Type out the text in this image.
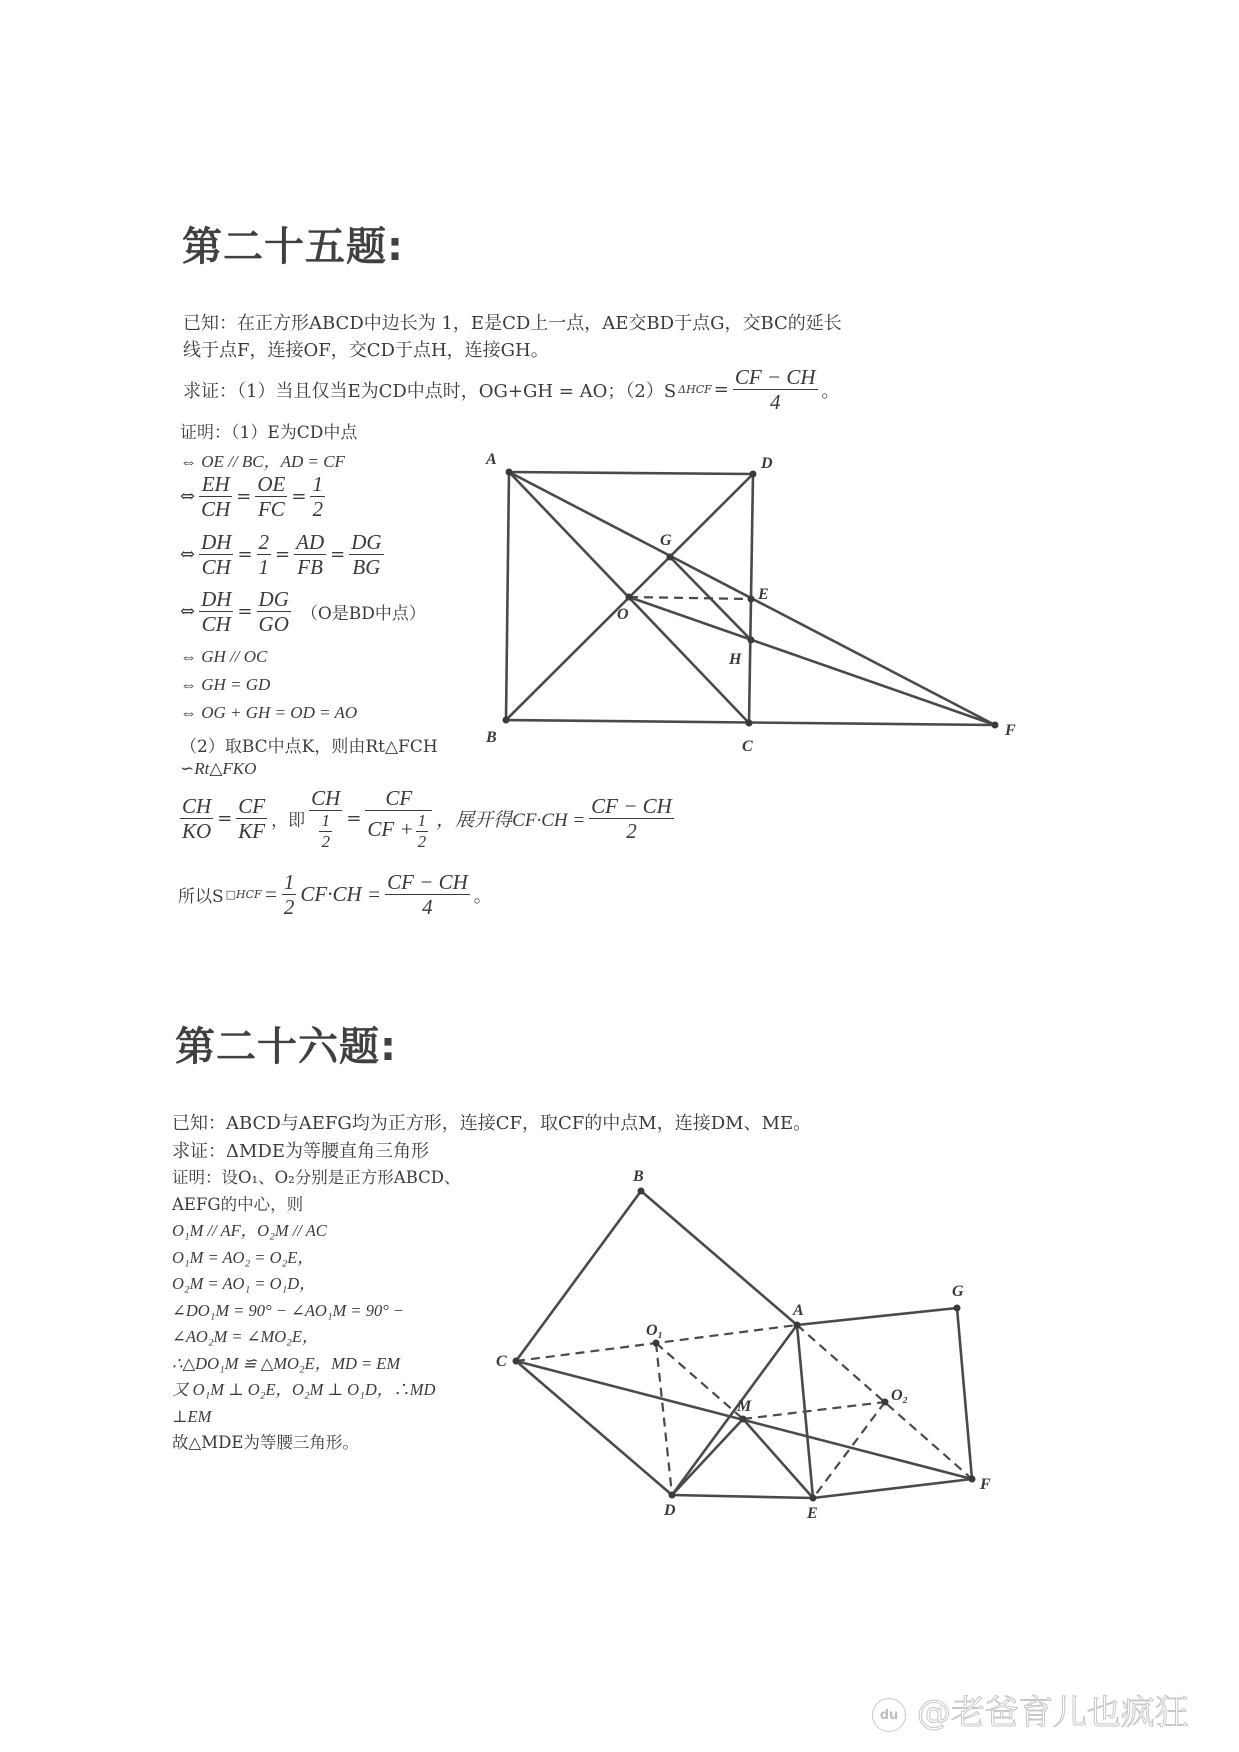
第二十五题:
已知：在正方形ABCD中边长为 1，E是CD上一点，AE交BD于点G，交BC的延长
线于点F，连接OF，交CD于点H，连接GH。
求证：（1）当且仅当E为CD中点时，OG+GH = AO；（2）S $\Delta HCF = \frac{CF - CH}{4}$ 。
证明：（1）E为CD中点
⇔ OE // BC，AD = CF
⇔ $\frac{EH}{CH} = \frac{OE}{FC} = \frac{1}{2}$
⇔ $\frac{DH}{CH} = \frac{2}{1} = \frac{AD}{FB} = \frac{DG}{BG}$
⇔ $\frac{DH}{CH} = \frac{DG}{GO} (O$是BD中点）
⇔ GH // OC
⇔ GH = GD
⇔ OG + GH = OD = AO
（2）取BC中点K，则由Rt△FCH
∽Rt△FKO
$\frac{CH}{KO} = \frac{CF}{KF}$ ，即 $\frac{CH}{\frac{1}{2}} = \frac{CF}{CF + \frac{1}{2}}$ ，展开得$CF\cdot CH = \frac{CF - CH}{2}$
所以S □HCF = $\frac{1}{2} CF\cdot CH = \frac{CF - CH}{4}$ 。
A	D
B
C
G
O
E
H
F
第二十六题:
已知：ABCD与AEFG均为正方形，连接CF，取CF的中点M，连接DM、ME。
求证：ΔMDE为等腰直角三角形
证明：设O₁、O₂分别是正方形ABCD、
AEFG的中心，则
O₁M // AF，O₂M // AC
O₁M = AO₂ = O₂E，
O₂M = AO₁ = O₁D，
∠DO₁M = 90° − ∠AO₁M = 90° −
∠AO₂M = ∠MO₂E，
∴△DO₁M ≌ △MO₂E，MD = EM
又 O₁M ⊥ O₂E，O₂M ⊥ O₁D，∴MD
⊥EM
故△MDE为等腰三角形。
B
A
G
C
O₁
O₂
M
D	E
F
du @老爸育儿也疯狂
